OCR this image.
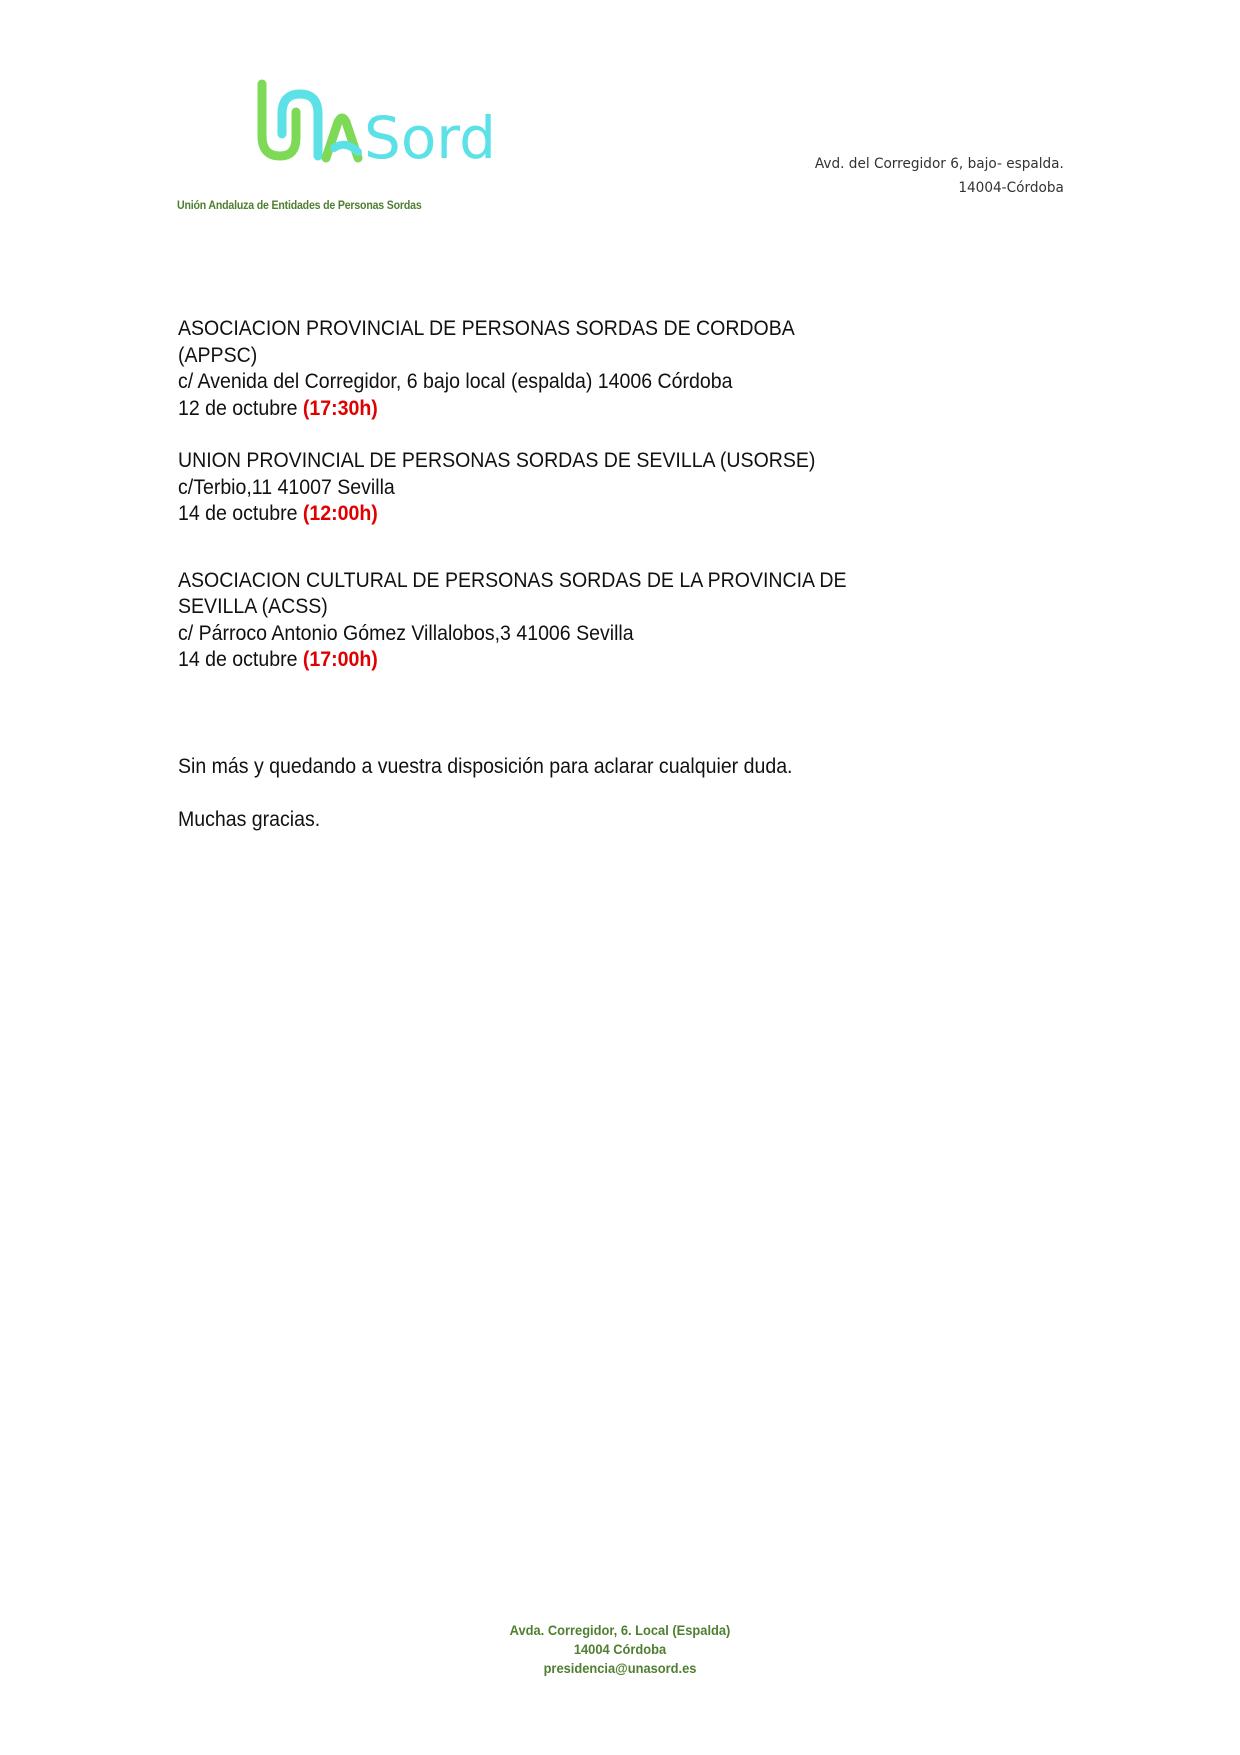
Sord
Unión Andaluza de Entidades de Personas Sordas
Avd. del Corregidor 6, bajo- espalda.
14004-Córdoba
ASOCIACION PROVINCIAL DE PERSONAS SORDAS DE CORDOBA
(APPSC)
c/ Avenida del Corregidor, 6 bajo local (espalda) 14006 Córdoba
12 de octubre (17:30h)
UNION PROVINCIAL DE PERSONAS SORDAS DE SEVILLA (USORSE)
c/Terbio,11 41007 Sevilla
14 de octubre (12:00h)
ASOCIACION CULTURAL DE PERSONAS SORDAS DE LA PROVINCIA DE
SEVILLA (ACSS)
c/ Párroco Antonio Gómez Villalobos,3 41006 Sevilla
14 de octubre (17:00h)
Sin más y quedando a vuestra disposición para aclarar cualquier duda.
Muchas gracias.
Avda. Corregidor, 6. Local (Espalda)
14004 Córdoba
presidencia@unasord.es
